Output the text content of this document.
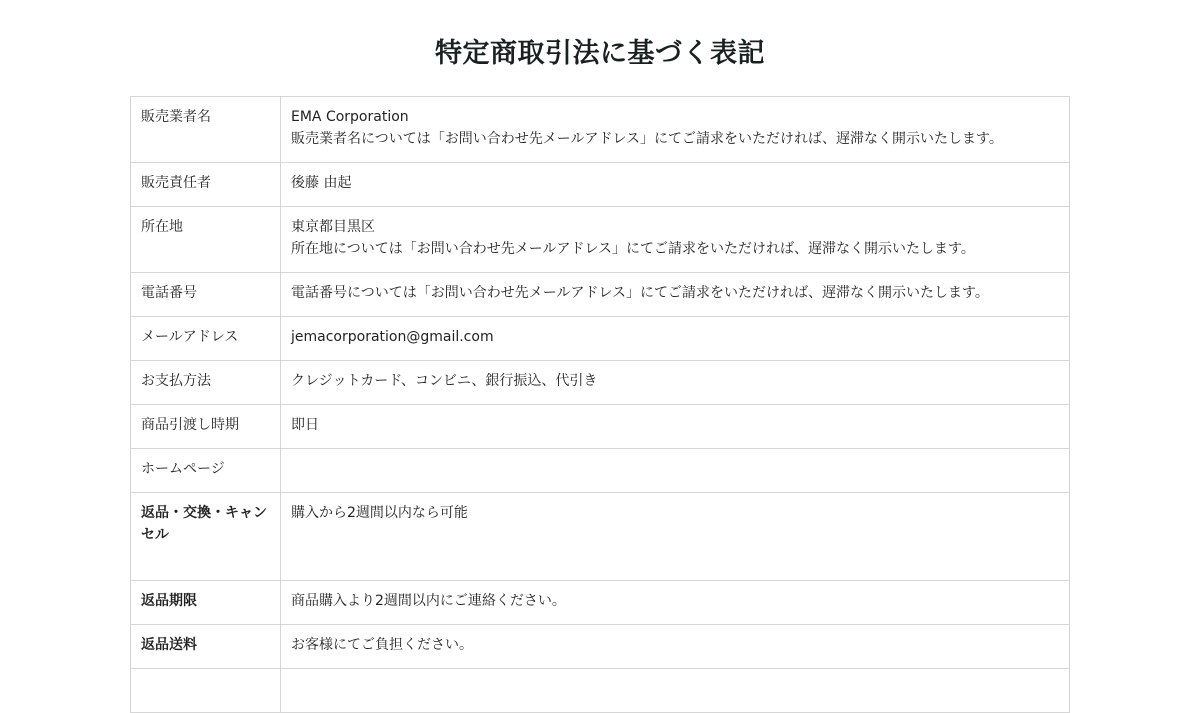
特定商取引法に基づく表記
販売業者名	EMA Corporation
販売業者名については「お問い合わせ先メールアドレス」にてご請求をいただければ、遅滞なく開示いたします。

販売責任者	後藤 由起

所在地	東京都目黒区
所在地については「お問い合わせ先メールアドレス」にてご請求をいただければ、遅滞なく開示いたします。

電話番号	電話番号については「お問い合わせ先メールアドレス」にてご請求をいただければ、遅滞なく開示いたします。

メールアドレス	jemacorporation@gmail.com

お支払方法	クレジットカード、コンビニ、銀行振込、代引き

商品引渡し時期	即日

ホームページ	

返品・交換・キャンセル	購入から2週間以内なら可能

返品期限	商品購入より2週間以内にご連絡ください。

返品送料	お客様にてご負担ください。
